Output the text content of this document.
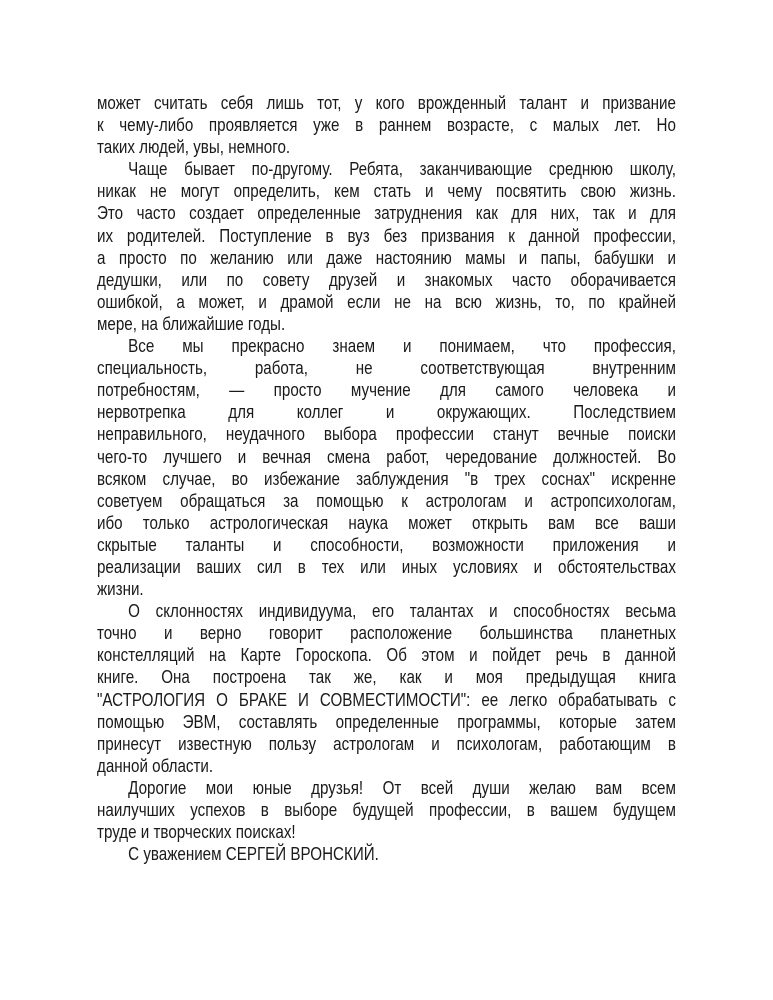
может считать себя лишь тот, у кого врожденный талант и призвание
к чему-либо проявляется уже в раннем возрасте, с малых лет. Но
таких людей, увы, немного.
Чаще бывает по-другому. Ребята, заканчивающие среднюю школу,
никак не могут определить, кем стать и чему посвятить свою жизнь.
Это часто создает определенные затруднения как для них, так и для
их родителей. Поступление в вуз без призвания к данной профессии,
а просто по желанию или даже настоянию мамы и папы, бабушки и
дедушки, или по совету друзей и знакомых часто оборачивается
ошибкой, а может, и драмой если не на всю жизнь, то, по крайней
мере, на ближайшие годы.
Все мы прекрасно знаем и понимаем, что профессия,
специальность, работа, не соответствующая внутренним
потребностям, — просто мучение для самого человека и
нервотрепка для коллег и окружающих. Последствием
неправильного, неудачного выбора профессии станут вечные поиски
чего-то лучшего и вечная смена работ, чередование должностей. Во
всяком случае, во избежание заблуждения "в трех соснах" искренне
советуем обращаться за помощью к астрологам и астропсихологам,
ибо только астрологическая наука может открыть вам все ваши
скрытые таланты и способности, возможности приложения и
реализации ваших сил в тех или иных условиях и обстоятельствах
жизни.
О склонностях индивидуума, его талантах и способностях весьма
точно и верно говорит расположение большинства планетных
констелляций на Карте Гороскопа. Об этом и пойдет речь в данной
книге. Она построена так же, как и моя предыдущая книга
"АСТРОЛОГИЯ О БРАКЕ И СОВМЕСТИМОСТИ": ее легко обрабатывать с
помощью ЭВМ, составлять определенные программы, которые затем
принесут известную пользу астрологам и психологам, работающим в
данной области.
Дорогие мои юные друзья! От всей души желаю вам всем
наилучших успехов в выборе будущей профессии, в вашем будущем
труде и творческих поисках!
С уважением СЕРГЕЙ ВРОНСКИЙ.
